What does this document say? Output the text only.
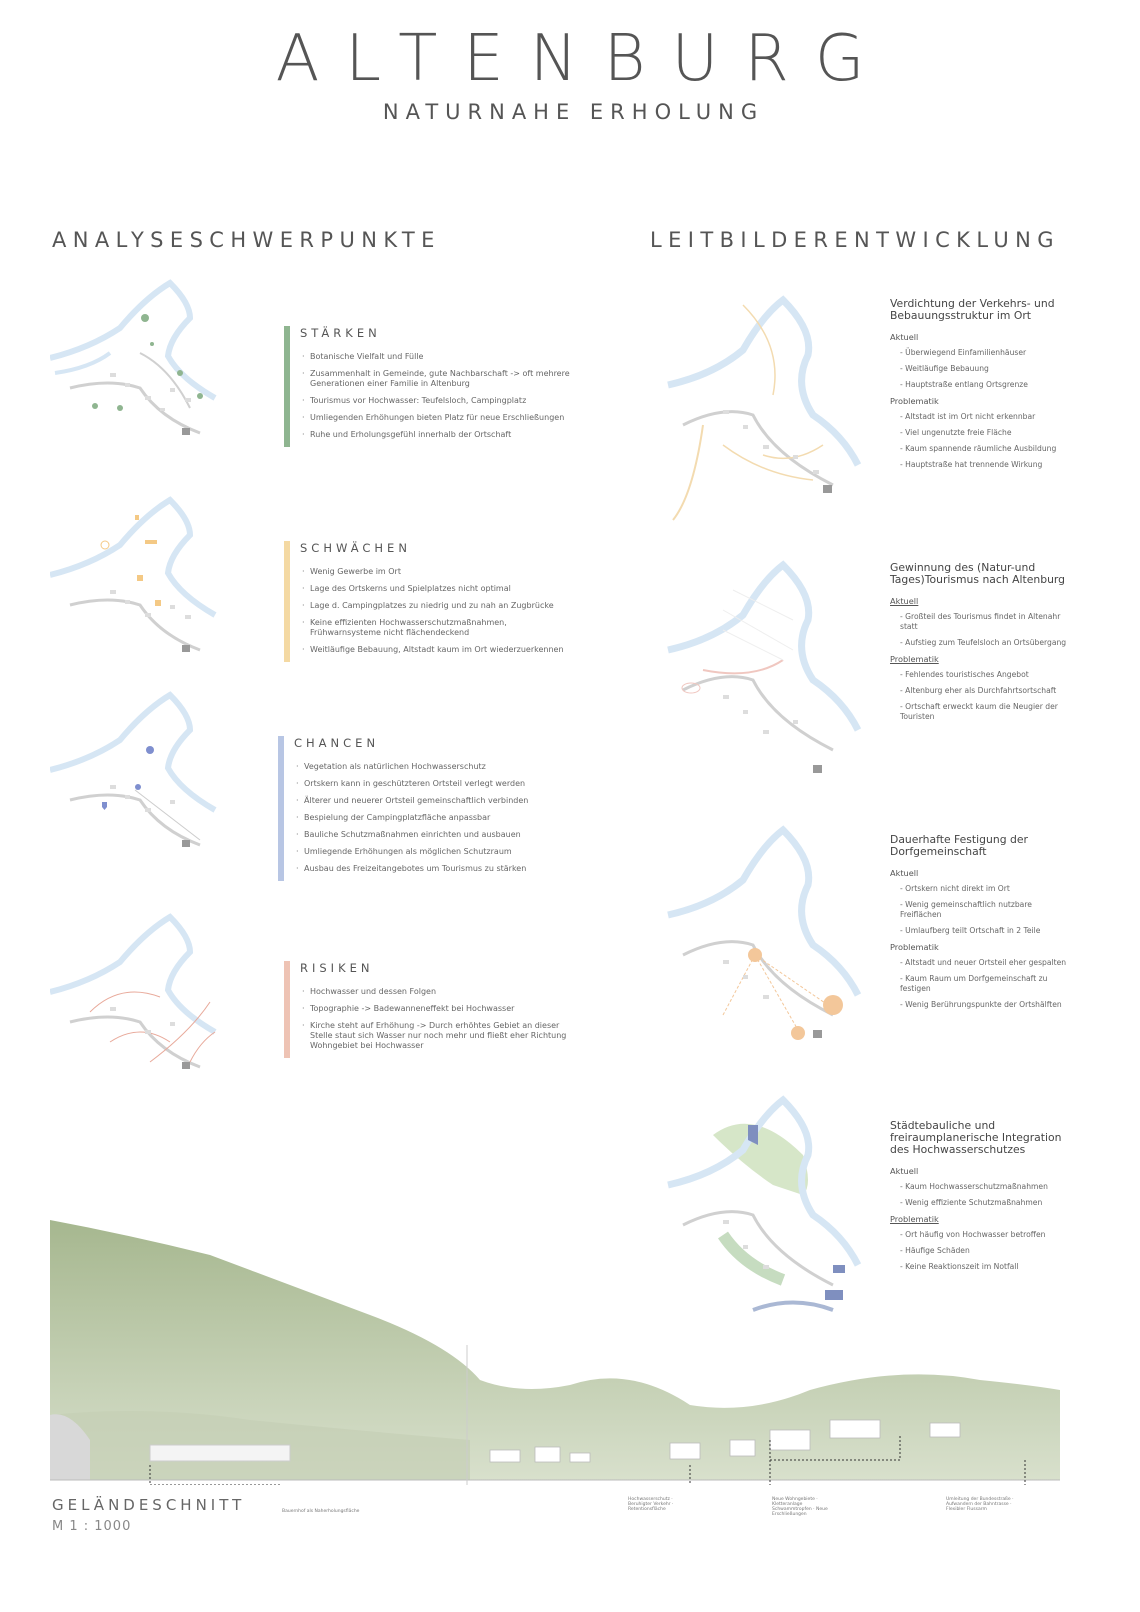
ALTENBURG
NATURNAHE ERHOLUNG
ANALYSESCHWERPUNKTE	LEITBILDERENTWICKLUNG
STÄRKEN
· Botanische Vielfalt und Fülle
· Zusammenhalt in Gemeinde, gute Nachbarschaft -> oft mehrere Generationen einer Familie in Altenburg
· Tourismus vor Hochwasser: Teufelsloch, Campingplatz
· Umliegenden Erhöhungen bieten Platz für neue Erschließungen
· Ruhe und Erholungsgefühl innerhalb der Ortschaft
SCHWÄCHEN
· Wenig Gewerbe im Ort
· Lage des Ortskerns und Spielplatzes nicht optimal
· Lage d. Campingplatzes zu niedrig und zu nah an Zugbrücke
· Keine effizienten Hochwasserschutzmaßnahmen, Frühwarnsysteme nicht flächendeckend
· Weitläufige Bebauung, Altstadt kaum im Ort wiederzuerkennen
CHANCEN
· Vegetation als natürlichen Hochwasserschutz
· Ortskern kann in geschützteren Ortsteil verlegt werden
· Älterer und neuerer Ortsteil gemeinschaftlich verbinden
· Bespielung der Campingplatzfläche anpassbar
· Bauliche Schutzmaßnahmen einrichten und ausbauen
· Umliegende Erhöhungen als möglichen Schutzraum
· Ausbau des Freizeitangebotes um Tourismus zu stärken
RISIKEN
· Hochwasser und dessen Folgen
· Topographie -> Badewanneneffekt bei Hochwasser
· Kirche steht auf Erhöhung -> Durch erhöhtes Gebiet an dieser Stelle staut sich Wasser nur noch mehr und fließt eher Richtung Wohngebiet bei Hochwasser
Verdichtung der Verkehrs- und Bebauungsstruktur im Ort
Aktuell
- Überwiegend Einfamilienhäuser
- Weitläufige Bebauung
- Hauptstraße entlang Ortsgrenze
Problematik
- Altstadt ist im Ort nicht erkennbar
- Viel ungenutzte freie Fläche
- Kaum spannende räumliche Ausbildung
- Hauptstraße hat trennende Wirkung
Gewinnung des (Natur-und Tages)Tourismus nach Altenburg
Aktuell
- Großteil des Tourismus findet in Altenahr statt
- Aufstieg zum Teufelsloch an Ortsübergang
Problematik
- Fehlendes touristisches Angebot
- Altenburg eher als Durchfahrtsortschaft
- Ortschaft erweckt kaum die Neugier der Touristen
Dauerhafte Festigung der Dorfgemeinschaft
Aktuell
- Ortskern nicht direkt im Ort
- Wenig gemeinschaftlich nutzbare Freiflächen
- Umlaufberg teilt Ortschaft in 2 Teile
Problematik
- Altstadt und neuer Ortsteil eher gespalten
- Kaum Raum um Dorfgemeinschaft zu festigen
- Wenig Berührungspunkte der Ortshälften
Städtebauliche und freiraumplanerische Integration des Hochwasserschutzes
Aktuell
- Kaum Hochwasserschutzmaßnahmen
- Wenig effiziente Schutzmaßnahmen
Problematik
- Ort häufig von Hochwasser betroffen
- Häufige Schäden
- Keine Reaktionszeit im Notfall
GELÄNDESCHNITT
M 1 : 1000
Bauernhof als Naherholungsfläche
Hochwasserschutz · Beruhigter Verkehr · Retentionsfläche
Neue Wohngebiete · Kletteranlage Schwammtropfen · Neue Erschließungen
Umleitung der Bundesstraße · Aufwandern der Bahntrasse · Flexibler Flussarm
